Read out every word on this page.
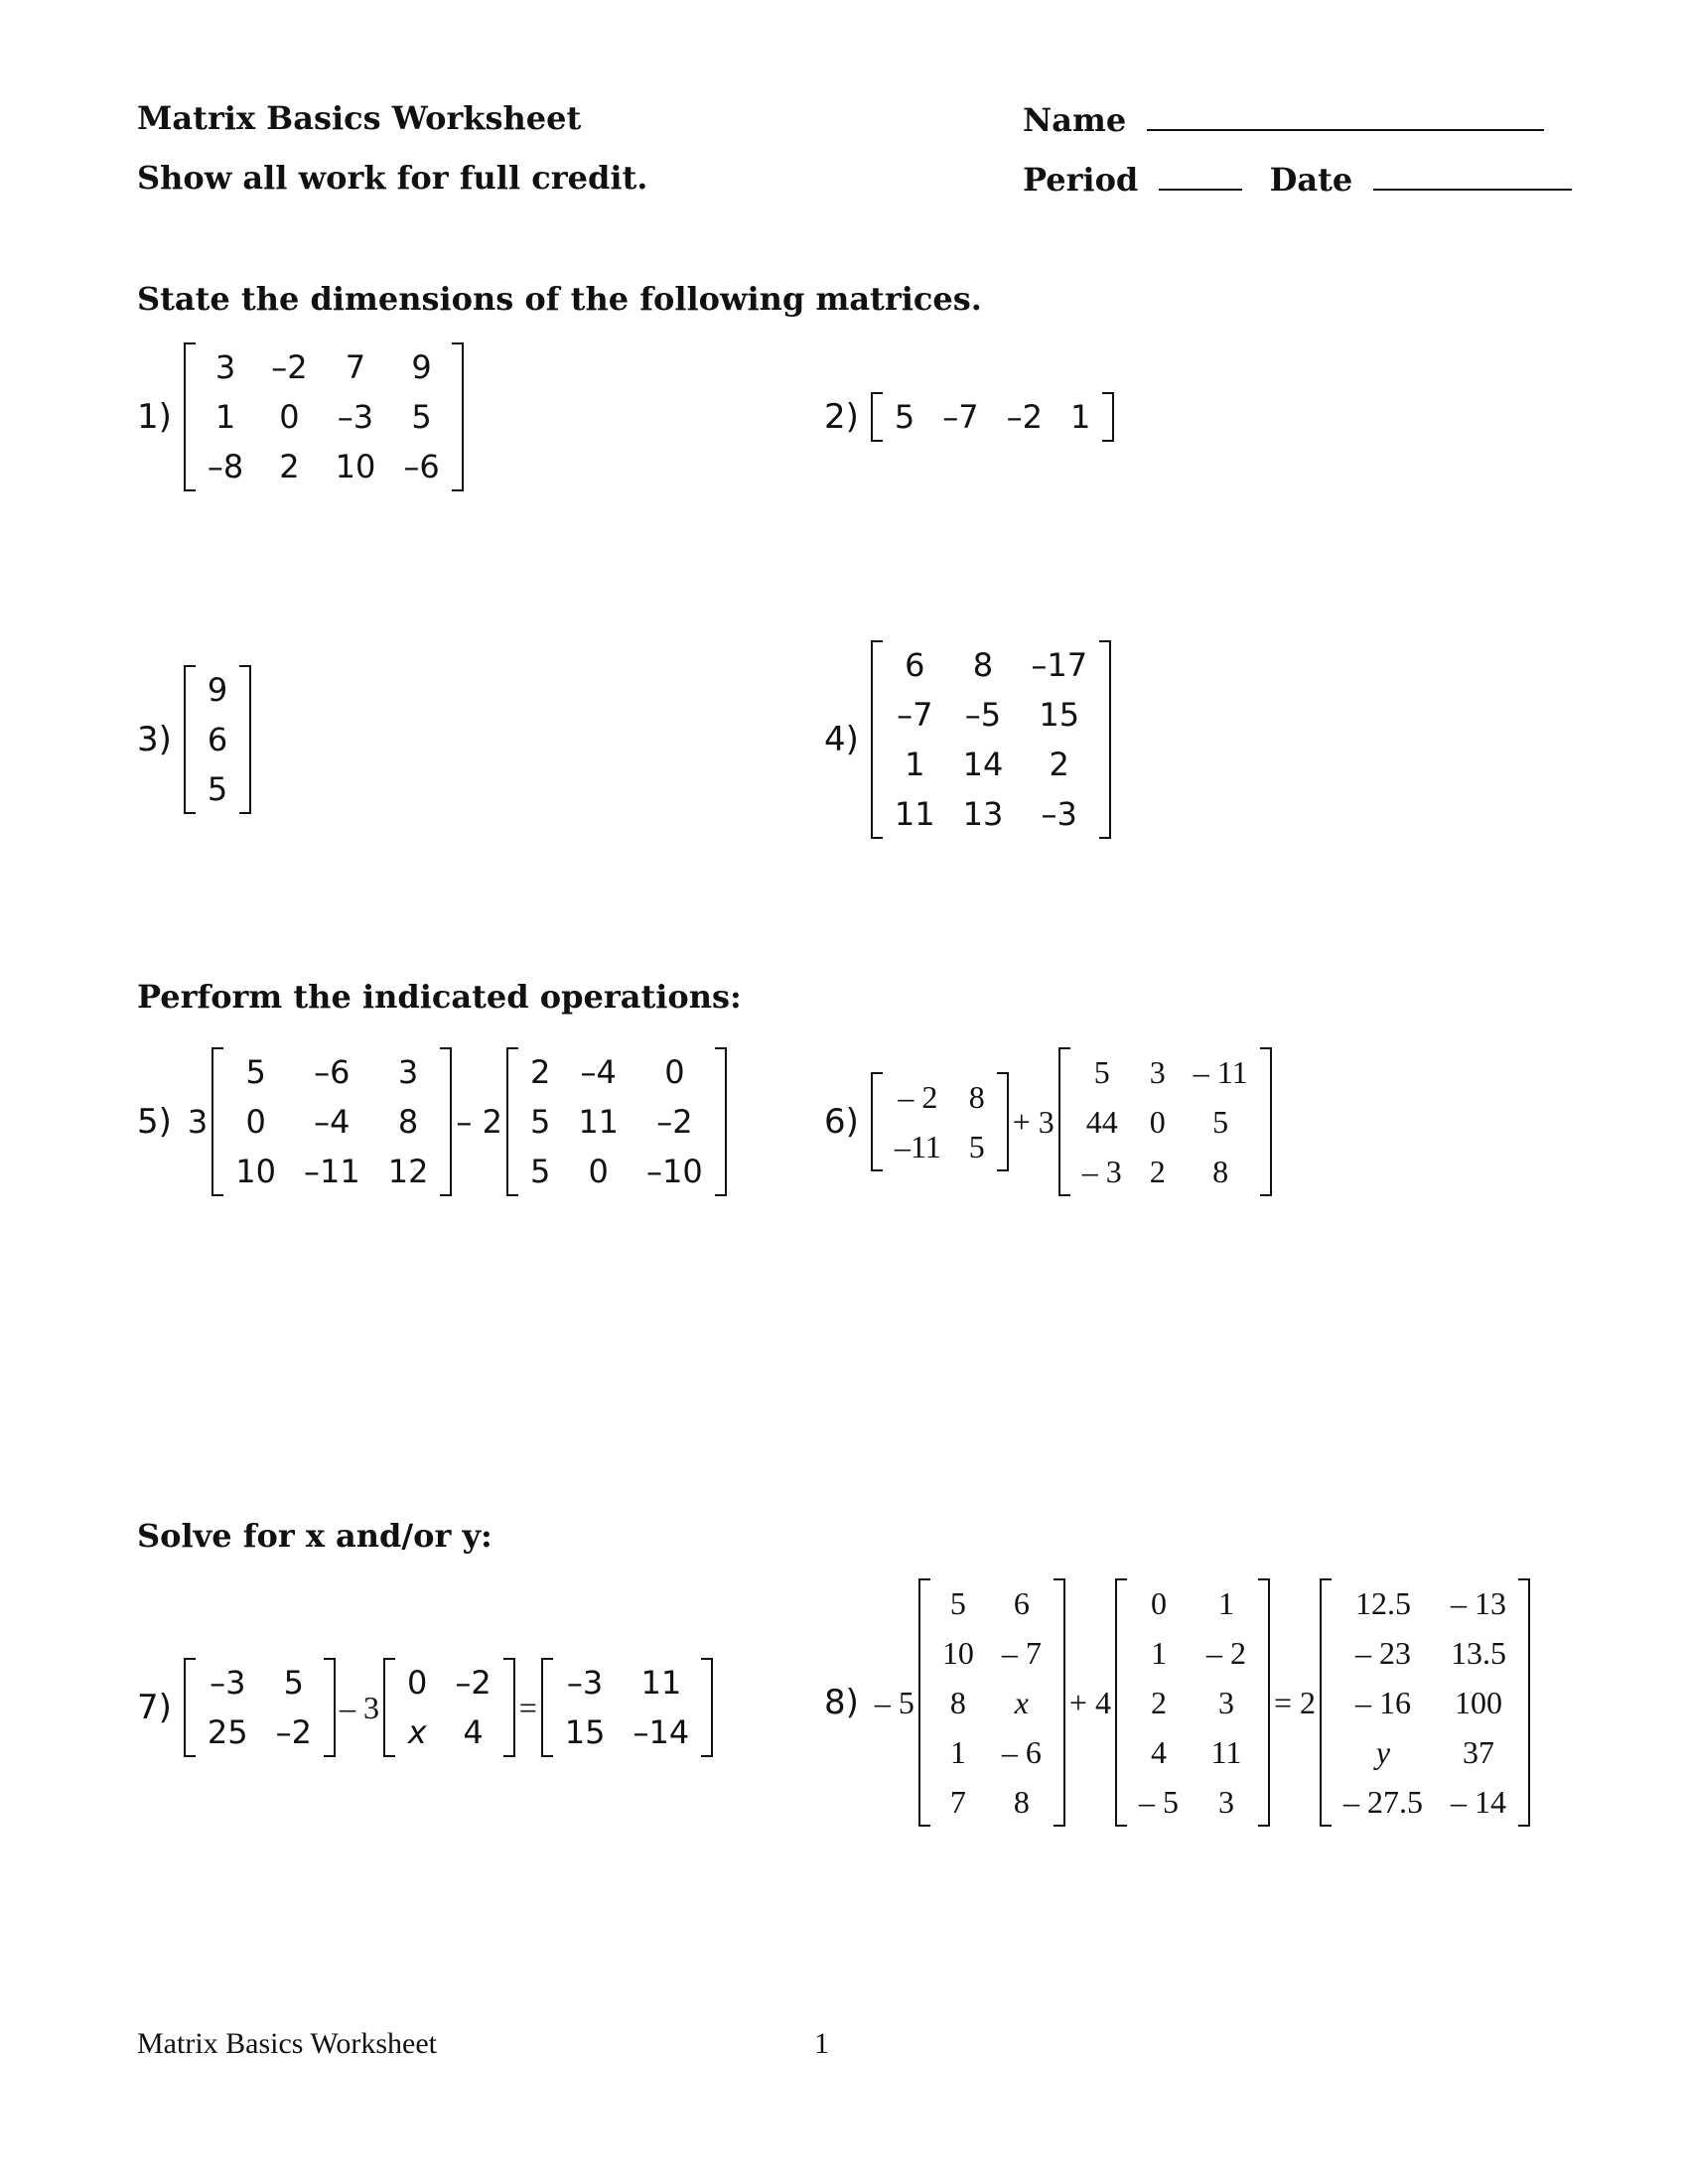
Matrix Basics Worksheet
Show all work for full credit.
Name
Period	Date
State the dimensions of the following matrices.
1)
3	–2	7	9
1	0	–3	5
–8	2	10	–6
2) 5	–7	–2	1
3)
9
6
5
4)
6	8	–17
–7	–5	15
1	14	2
11	13	–3
Perform the indicated operations:
5) 3
5	–6	3
0	–4	8
10	–11	12
– 2
2	–4	0
5	11	–2
5	0	–10
6)
– 2	8
–11	5
+ 3
5	3	– 11
44	0	5
– 3	2	8
Solve for x and/or y:
7)
–3	5
25	–2
– 3
0	–2
x	4
=
–3	11
15	–14
8) – 5
5	6
10	– 7
8	x
1	– 6
7	8
+ 4
0	1
1	– 2
2	3
4	11
– 5	3
= 2
12.5	– 13
– 23	13.5
– 16	100
y	37
– 27.5	– 14
Matrix Basics Worksheet	1
